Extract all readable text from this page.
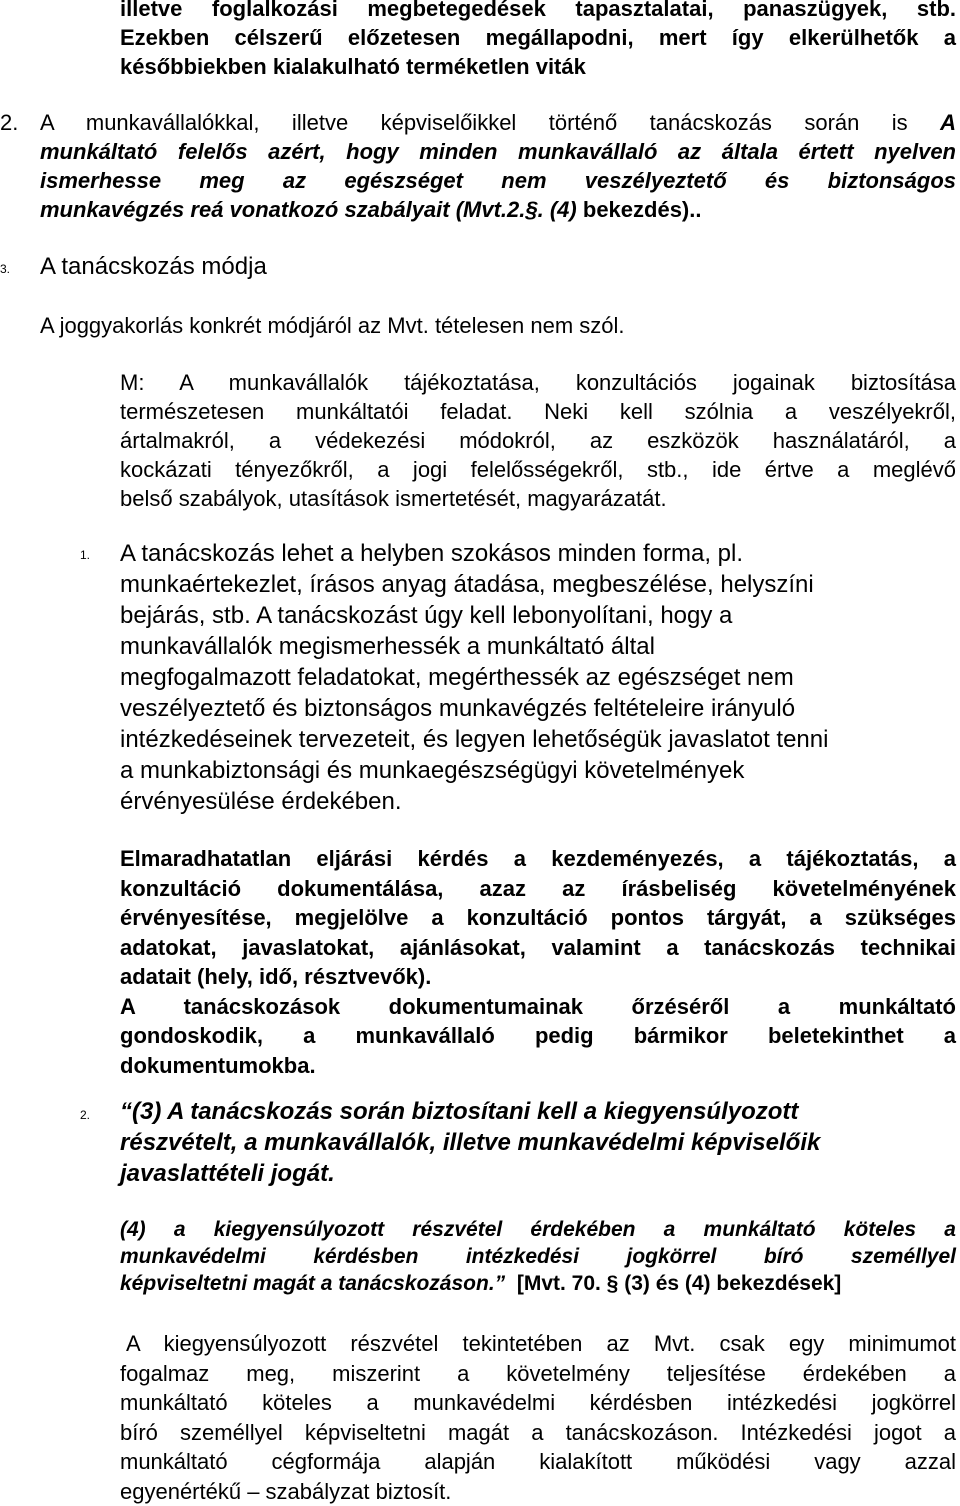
illetve foglalkozási megbetegedések tapasztalatai, panaszügyek, stb.
Ezekben célszerű előzetesen megállapodni, mert így elkerülhetők a
későbbiekben kialakulható terméketlen viták
2. A munkavállalókkal, illetve képviselőikkel történő tanácskozás során is A
munkáltató felelős azért, hogy minden munkavállaló az általa értett nyelven
ismerhesse meg az egészséget nem veszélyeztető és biztonságos
munkavégzés reá vonatkozó szabályait (Mvt.2.§. (4) bekezdés)..
3. A tanácskozás módja
A joggyakorlás konkrét módjáról az Mvt. tételesen nem szól.
M: A munkavállalók tájékoztatása, konzultációs jogainak biztosítása
természetesen munkáltatói feladat. Neki kell szólnia a veszélyekről,
ártalmakról, a védekezési módokról, az eszközök használatáról, a
kockázati tényezőkről, a jogi felelősségekről, stb., ide értve a meglévő
belső szabályok, utasítások ismertetését, magyarázatát.
1. A tanácskozás lehet a helyben szokásos minden forma, pl.
munkaértekezlet, írásos anyag átadása, megbeszélése, helyszíni
bejárás, stb. A tanácskozást úgy kell lebonyolítani, hogy a
munkavállalók megismerhessék a munkáltató által
megfogalmazott feladatokat, megérthessék az egészséget nem
veszélyeztető és biztonságos munkavégzés feltételeire irányuló
intézkedéseinek tervezeteit, és legyen lehetőségük javaslatot tenni
a munkabiztonsági és munkaegészségügyi követelmények
érvényesülése érdekében.
Elmaradhatatlan eljárási kérdés a kezdeményezés, a tájékoztatás, a
konzultáció dokumentálása, azaz az írásbeliség követelményének
érvényesítése, megjelölve a konzultáció pontos tárgyát, a szükséges
adatokat, javaslatokat, ajánlásokat, valamint a tanácskozás technikai
adatait (hely, idő, résztvevők).
A tanácskozások dokumentumainak őrzéséről a munkáltató
gondoskodik, a munkavállaló pedig bármikor beletekinthet a
dokumentumokba.
2. “(3) A tanácskozás során biztosítani kell a kiegyensúlyozott
részvételt, a munkavállalók, illetve munkavédelmi képviselőik
javaslattételi jogát.
(4) a kiegyensúlyozott részvétel érdekében a munkáltató köteles a
munkavédelmi kérdésben intézkedési jogkörrel bíró személlyel
képviseltetni magát a tanácskozáson.” [Mvt. 70. § (3) és (4) bekezdések]
A kiegyensúlyozott részvétel tekintetében az Mvt. csak egy minimumot
fogalmaz meg, miszerint a követelmény teljesítése érdekében a
munkáltató köteles a munkavédelmi kérdésben intézkedési jogkörrel
bíró személlyel képviseltetni magát a tanácskozáson. Intézkedési jogot a
munkáltató cégformája alapján kialakított működési vagy azzal
egyenértékű – szabályzat biztosít.
